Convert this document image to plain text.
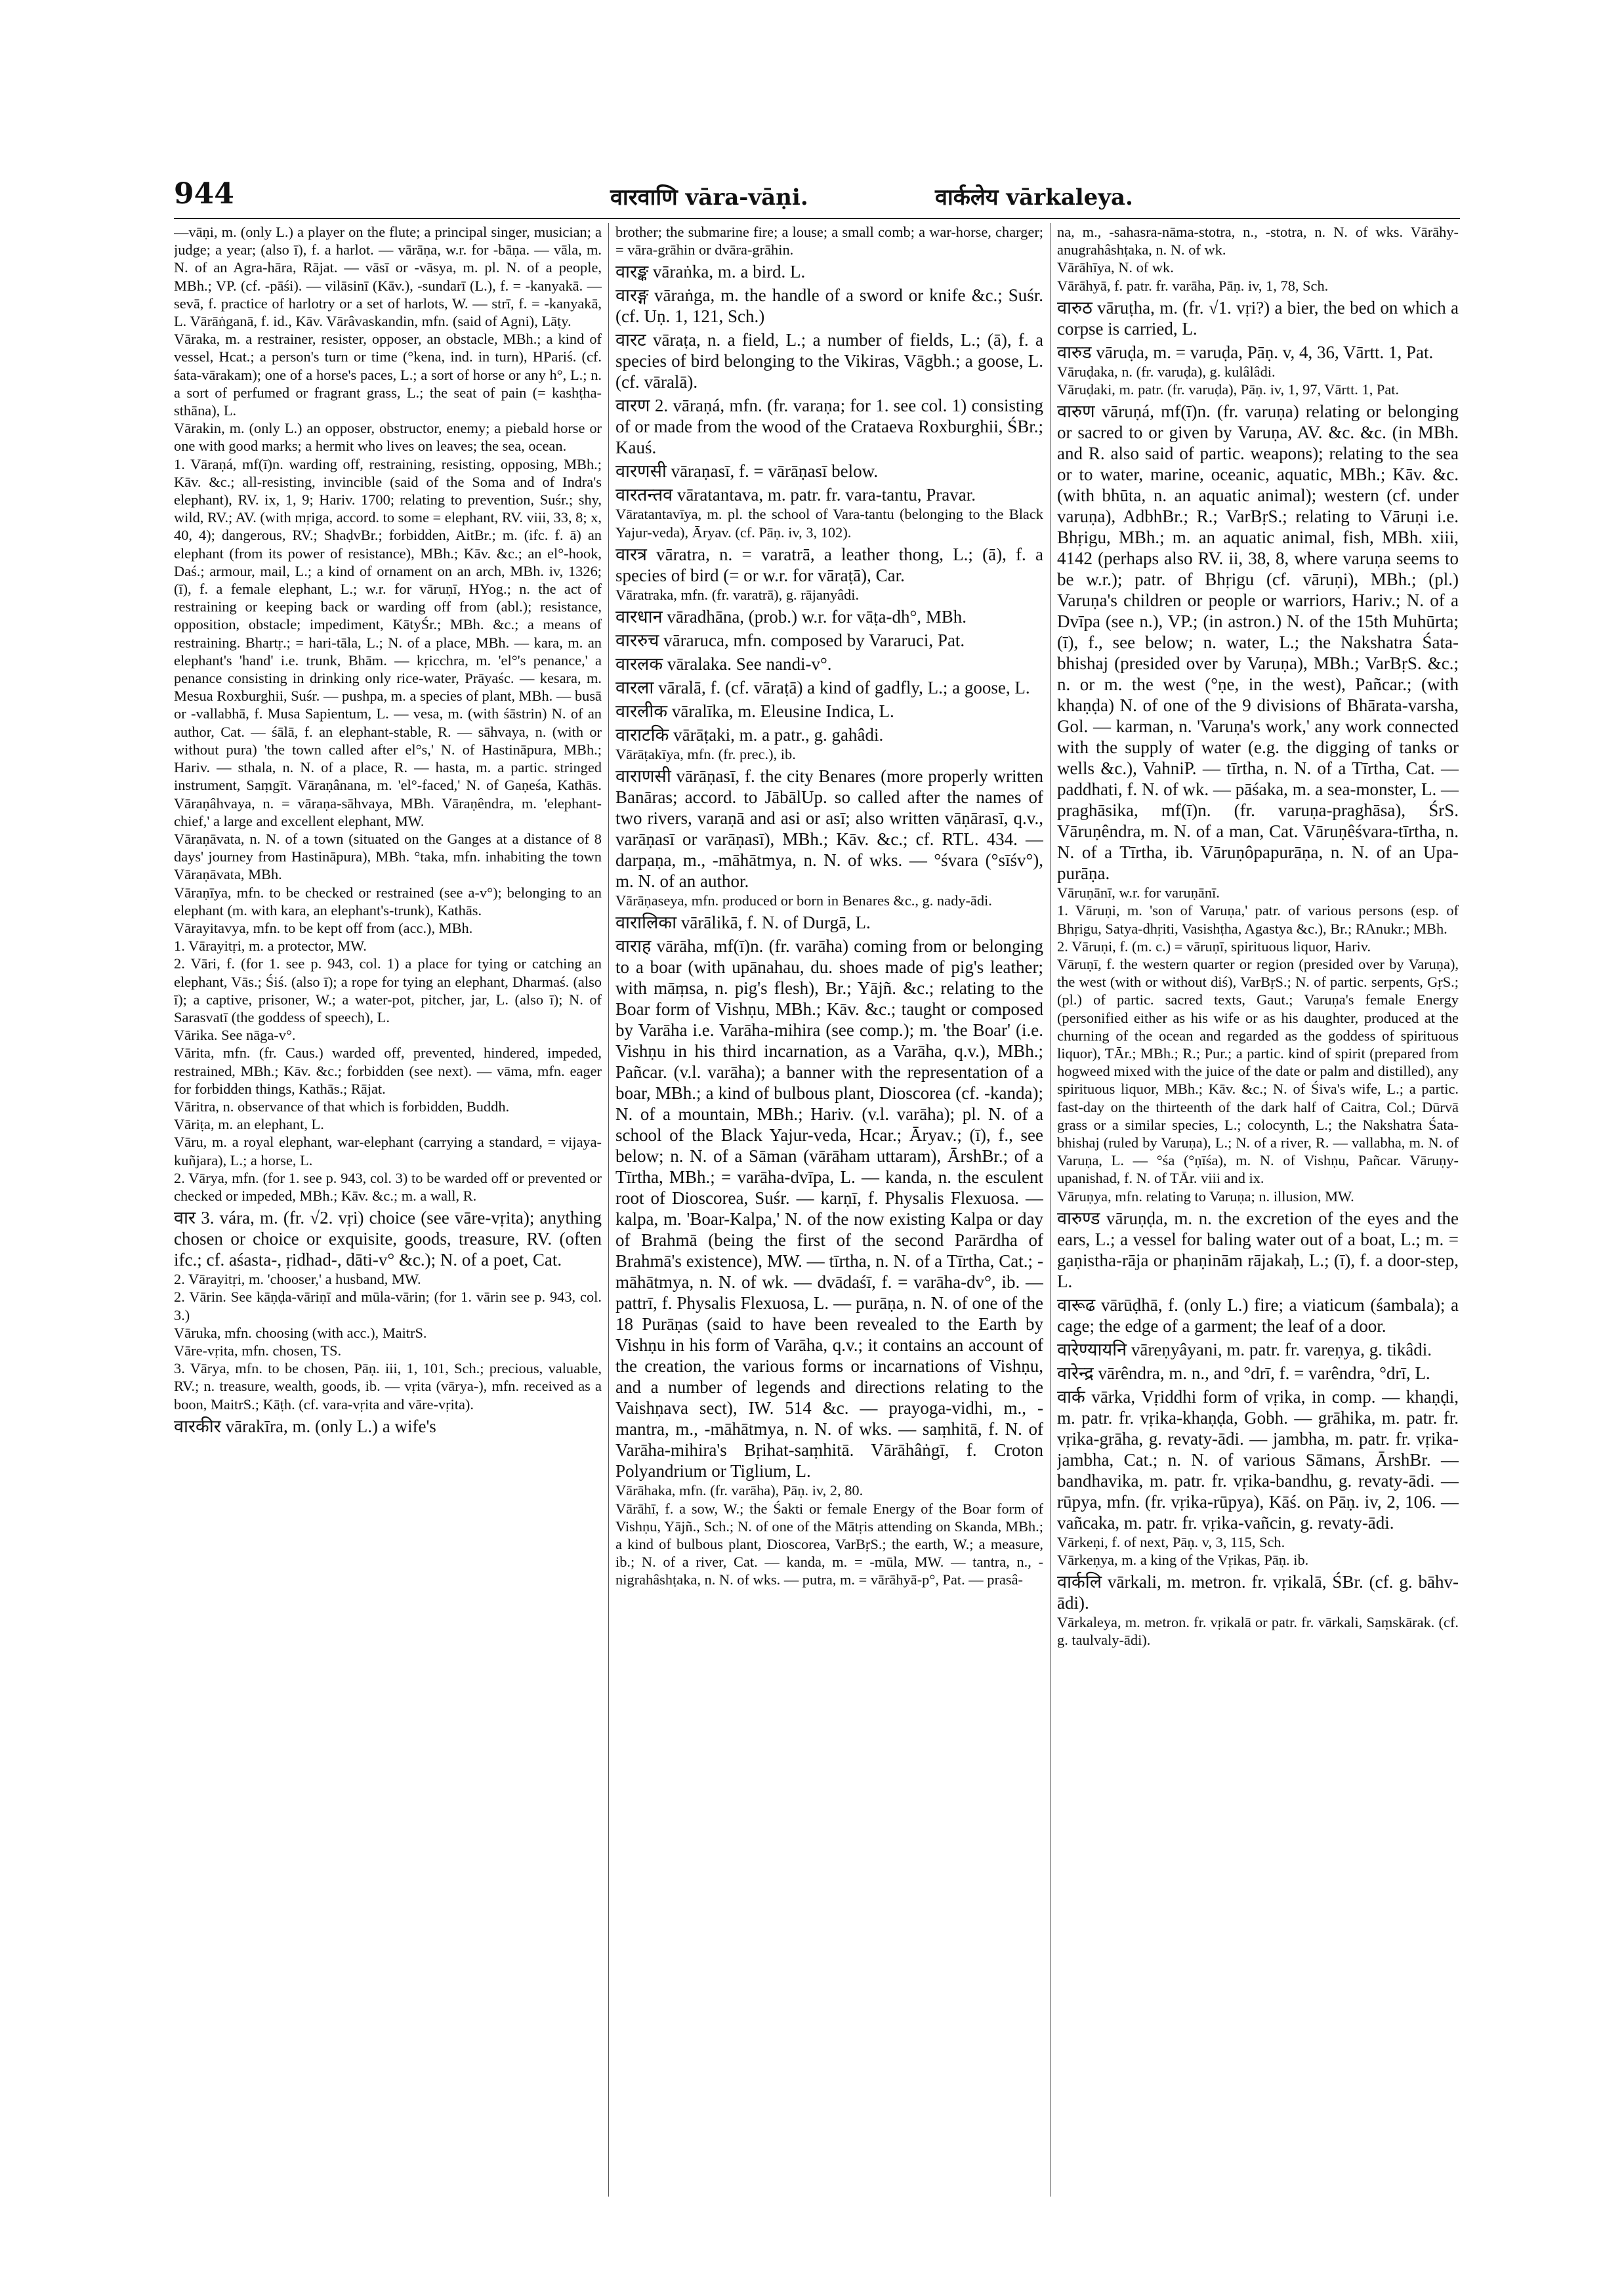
944	वारवाणि vāra-vāṇi.	वार्कलेय vārkaleya.

—vāṇi, m. (only L.) a player on the flute; a principal singer, musician; a judge; a year; (also ī), f. a harlot. — vārāṇa, w.r. for -bāṇa. — vāla, m. N. of an Agra-hāra, Rājat. — vāsī or -vāsya, m. pl. N. of a people, MBh.; VP. (cf. -pāśi). — vilāsinī (Kāv.), -sundarī (L.), f. = -kanyakā. — sevā, f. practice of harlotry or a set of harlots, W. — strī, f. = -kanyakā, L. Vārāṅganā, f. id., Kāv. Vārâvaskandin, mfn. (said of Agni), Lāṭy.

Vāraka, m. a restrainer, resister, opposer, an obstacle, MBh.; a kind of vessel, Hcat.; a person's turn or time (°kena, ind. in turn), HPariś. (cf. śata-vārakam); one of a horse's paces, L.; a sort of horse or any h°, L.; n. a sort of perfumed or fragrant grass, L.; the seat of pain (= kashṭha-sthāna), L.

Vārakin, m. (only L.) an opposer, obstructor, enemy; a piebald horse or one with good marks; a hermit who lives on leaves; the sea, ocean.

1. Vāraṇá, mf(ī)n. warding off, restraining, resisting, opposing, MBh.; Kāv. &c.; all-resisting, invincible (said of the Soma and of Indra's elephant), RV. ix, 1, 9; Hariv. 1700; relating to prevention, Suśr.; shy, wild, RV.; AV. (with mṛiga, accord. to some = elephant, RV. viii, 33, 8; x, 40, 4); dangerous, RV.; ShaḍvBr.; forbidden, AitBr.; m. (ifc. f. ā) an elephant (from its power of resistance), MBh.; Kāv. &c.; an el°-hook, Daś.; armour, mail, L.; a kind of ornament on an arch, MBh. iv, 1326; (ī), f. a female elephant, L.; w.r. for vāruṇī, HYog.; n. the act of restraining or keeping back or warding off from (abl.); resistance, opposition, obstacle; impediment, KātyŚr.; MBh. &c.; a means of restraining. Bhartṛ.; = hari-tāla, L.; N. of a place, MBh. — kara, m. an elephant's 'hand' i.e. trunk, Bhām. — kṛicchra, m. 'el°'s penance,' a penance consisting in drinking only rice-water, Prāyaśc. — kesara, m. Mesua Roxburghii, Suśr. — pushpa, m. a species of plant, MBh. — busā or -vallabhā, f. Musa Sapientum, L. — vesa, m. (with śāstrin) N. of an author, Cat. — śālā, f. an elephant-stable, R. — sāhvaya, n. (with or without pura) 'the town called after el°s,' N. of Hastināpura, MBh.; Hariv. — sthala, n. N. of a place, R. — hasta, m. a partic. stringed instrument, Saṃgīt. Vāraṇânana, m. 'el°-faced,' N. of Gaṇeśa, Kathās. Vāraṇâhvaya, n. = vāraṇa-sāhvaya, MBh. Vāraṇêndra, m. 'elephant-chief,' a large and excellent elephant, MW.

Vāraṇāvata, n. N. of a town (situated on the Ganges at a distance of 8 days' journey from Hastināpura), MBh. °taka, mfn. inhabiting the town Vāraṇāvata, MBh.

Vāraṇīya, mfn. to be checked or restrained (see a-v°); belonging to an elephant (m. with kara, an elephant's-trunk), Kathās.

Vārayitavya, mfn. to be kept off from (acc.), MBh.

1. Vārayitṛi, m. a protector, MW.

2. Vāri, f. (for 1. see p. 943, col. 1) a place for tying or catching an elephant, Vās.; Śiś. (also ī); a rope for tying an elephant, Dharmaś. (also ī); a captive, prisoner, W.; a water-pot, pitcher, jar, L. (also ī); N. of Sarasvatī (the goddess of speech), L.

Vārika. See nāga-v°.

Vārita, mfn. (fr. Caus.) warded off, prevented, hindered, impeded, restrained, MBh.; Kāv. &c.; forbidden (see next). — vāma, mfn. eager for forbidden things, Kathās.; Rājat.

Vāritra, n. observance of that which is forbidden, Buddh.

Vāriṭa, m. an elephant, L.

Vāru, m. a royal elephant, war-elephant (carrying a standard, = vijaya-kuñjara), L.; a horse, L.

2. Vārya, mfn. (for 1. see p. 943, col. 3) to be warded off or prevented or checked or impeded, MBh.; Kāv. &c.; m. a wall, R.

वार 3. vára, m. (fr. √2. vṛi) choice (see vāre-vṛita); anything chosen or choice or exquisite, goods, treasure, RV. (often ifc.; cf. aśasta-, ṛidhad-, dāti-v° &c.); N. of a poet, Cat.

2. Vārayitṛi, m. 'chooser,' a husband, MW.

2. Vārin. See kāṇḍa-vāriṇī and mūla-vārin; (for 1. vārin see p. 943, col. 3.)

Vāruka, mfn. choosing (with acc.), MaitrS.

Vāre-vṛita, mfn. chosen, TS.

3. Vārya, mfn. to be chosen, Pāṇ. iii, 1, 101, Sch.; precious, valuable, RV.; n. treasure, wealth, goods, ib. — vṛita (vārya-), mfn. received as a boon, MaitrS.; Kāṭh. (cf. vara-vṛita and vāre-vṛita).

वारकीर vārakīra, m. (only L.) a wife's

brother; the submarine fire; a louse; a small comb; a war-horse, charger; = vāra-grāhin or dvāra-grāhin.

वारङ्क vāraṅka, m. a bird. L.

वारङ्ग vāraṅga, m. the handle of a sword or knife &c.; Suśr. (cf. Uṇ. 1, 121, Sch.)

वारट vāraṭa, n. a field, L.; a number of fields, L.; (ā), f. a species of bird belonging to the Vikiras, Vāgbh.; a goose, L. (cf. vāralā).

वारण 2. vāraṇá, mfn. (fr. varaṇa; for 1. see col. 1) consisting of or made from the wood of the Crataeva Roxburghii, ŚBr.; Kauś.

वारणसी vāraṇasī, f. = vārāṇasī below.

वारतन्तव vāratantava, m. patr. fr. vara-tantu, Pravar.

Vāratantavīya, m. pl. the school of Vara-tantu (belonging to the Black Yajur-veda), Āryav. (cf. Pāṇ. iv, 3, 102).

वारत्र vāratra, n. = varatrā, a leather thong, L.; (ā), f. a species of bird (= or w.r. for vāraṭā), Car.

Vāratraka, mfn. (fr. varatrā), g. rājanyâdi.

वारधान vāradhāna, (prob.) w.r. for vāṭa-dh°, MBh.

वाररुच vāraruca, mfn. composed by Vararuci, Pat.

वारलक vāralaka. See nandi-v°.

वारला vāralā, f. (cf. vāraṭā) a kind of gadfly, L.; a goose, L.

वारलीक vāralīka, m. Eleusine Indica, L.

वाराटकि vārāṭaki, m. a patr., g. gahâdi.

Vārāṭakīya, mfn. (fr. prec.), ib.

वाराणसी vārāṇasī, f. the city Benares (more properly written Banāras; accord. to JābālUp. so called after the names of two rivers, varaṇā and asi or asī; also written vāṇārasī, q.v., varāṇasī or varāṇasī), MBh.; Kāv. &c.; cf. RTL. 434. — darpaṇa, m., -māhātmya, n. N. of wks. — °śvara (°sīśv°), m. N. of an author.

Vārāṇaseya, mfn. produced or born in Benares &c., g. nady-ādi.

वारालिका vārālikā, f. N. of Durgā, L.

वाराह vārāha, mf(ī)n. (fr. varāha) coming from or belonging to a boar (with upānahau, du. shoes made of pig's leather; with māṃsa, n. pig's flesh), Br.; Yājñ. &c.; relating to the Boar form of Vishṇu, MBh.; Kāv. &c.; taught or composed by Varāha i.e. Varāha-mihira (see comp.); m. 'the Boar' (i.e. Vishṇu in his third incarnation, as a Varāha, q.v.), MBh.; Pañcar. (v.l. varāha); a banner with the representation of a boar, MBh.; a kind of bulbous plant, Dioscorea (cf. -kanda); N. of a mountain, MBh.; Hariv. (v.l. varāha); pl. N. of a school of the Black Yajur-veda, Hcar.; Āryav.; (ī), f., see below; n. N. of a Sāman (vārāham uttaram), ĀrshBr.; of a Tīrtha, MBh.; = varāha-dvīpa, L. — kanda, n. the esculent root of Dioscorea, Suśr. — karṇī, f. Physalis Flexuosa. — kalpa, m. 'Boar-Kalpa,' N. of the now existing Kalpa or day of Brahmā (being the first of the second Parārdha of Brahmā's existence), MW. — tīrtha, n. N. of a Tīrtha, Cat.; -māhātmya, n. N. of wk. — dvādaśī, f. = varāha-dv°, ib. — pattrī, f. Physalis Flexuosa, L. — purāṇa, n. N. of one of the 18 Purāṇas (said to have been revealed to the Earth by Vishṇu in his form of Varāha, q.v.; it contains an account of the creation, the various forms or incarnations of Vishṇu, and a number of legends and directions relating to the Vaishṇava sect), IW. 514 &c. — prayoga-vidhi, m., -mantra, m., -māhātmya, n. N. of wks. — saṃhitā, f. N. of Varāha-mihira's Bṛihat-saṃhitā. Vārāhâṅgī, f. Croton Polyandrium or Tiglium, L.

Vārāhaka, mfn. (fr. varāha), Pāṇ. iv, 2, 80.

Vārāhī, f. a sow, W.; the Śakti or female Energy of the Boar form of Vishṇu, Yājñ., Sch.; N. of one of the Mātṛis attending on Skanda, MBh.; a kind of bulbous plant, Dioscorea, VarBṛS.; the earth, W.; a measure, ib.; N. of a river, Cat. — kanda, m. = -mūla, MW. — tantra, n., -nigrahâshṭaka, n. N. of wks. — putra, m. = vārāhyā-p°, Pat. — prasâ-

na, m., -sahasra-nāma-stotra, n., -stotra, n. N. of wks. Vārāhy-anugrahâshṭaka, n. N. of wk.

Vārāhīya, N. of wk.

Vārāhyā, f. patr. fr. varāha, Pāṇ. iv, 1, 78, Sch.

वारुठ vāruṭha, m. (fr. √1. vṛi?) a bier, the bed on which a corpse is carried, L.

वारुड vāruḍa, m. = varuḍa, Pāṇ. v, 4, 36, Vārtt. 1, Pat.

Vāruḍaka, n. (fr. varuḍa), g. kulâlâdi.

Vāruḍaki, m. patr. (fr. varuḍa), Pāṇ. iv, 1, 97, Vārtt. 1, Pat.

वारुण vāruṇá, mf(ī)n. (fr. varuṇa) relating or belonging or sacred to or given by Varuṇa, AV. &c. &c. (in MBh. and R. also said of partic. weapons); relating to the sea or to water, marine, oceanic, aquatic, MBh.; Kāv. &c. (with bhūta, n. an aquatic animal); western (cf. under varuṇa), AdbhBr.; R.; VarBṛS.; relating to Vāruṇi i.e. Bhṛigu, MBh.; m. an aquatic animal, fish, MBh. xiii, 4142 (perhaps also RV. ii, 38, 8, where varuṇa seems to be w.r.); patr. of Bhṛigu (cf. vāruṇi), MBh.; (pl.) Varuṇa's children or people or warriors, Hariv.; N. of a Dvīpa (see n.), VP.; (in astron.) N. of the 15th Muhūrta; (ī), f., see below; n. water, L.; the Nakshatra Śata-bhishaj (presided over by Varuṇa), MBh.; VarBṛS. &c.; n. or m. the west (°ṇe, in the west), Pañcar.; (with khaṇḍa) N. of one of the 9 divisions of Bhārata-varsha, Gol. — karman, n. 'Varuṇa's work,' any work connected with the supply of water (e.g. the digging of tanks or wells &c.), VahniP. — tīrtha, n. N. of a Tīrtha, Cat. — paddhati, f. N. of wk. — pāśaka, m. a sea-monster, L. — praghāsika, mf(ī)n. (fr. varuṇa-praghāsa), ŚrS. Vāruṇêndra, m. N. of a man, Cat. Vāruṇêśvara-tīrtha, n. N. of a Tīrtha, ib. Vāruṇôpapurāṇa, n. N. of an Upa-purāṇa.

Vāruṇānī, w.r. for varuṇānī.

1. Vāruṇi, m. 'son of Varuṇa,' patr. of various persons (esp. of Bhṛigu, Satya-dhṛiti, Vasishṭha, Agastya &c.), Br.; RAnukr.; MBh.

2. Vāruṇi, f. (m. c.) = vāruṇī, spirituous liquor, Hariv.

Vāruṇī, f. the western quarter or region (presided over by Varuṇa), the west (with or without diś), VarBṛS.; N. of partic. serpents, GṛS.; (pl.) of partic. sacred texts, Gaut.; Varuṇa's female Energy (personified either as his wife or as his daughter, produced at the churning of the ocean and regarded as the goddess of spirituous liquor), TĀr.; MBh.; R.; Pur.; a partic. kind of spirit (prepared from hogweed mixed with the juice of the date or palm and distilled), any spirituous liquor, MBh.; Kāv. &c.; N. of Śiva's wife, L.; a partic. fast-day on the thirteenth of the dark half of Caitra, Col.; Dūrvā grass or a similar species, L.; colocynth, L.; the Nakshatra Śata-bhishaj (ruled by Varuṇa), L.; N. of a river, R. — vallabha, m. N. of Varuṇa, L. — °śa (°ṇīśa), m. N. of Vishṇu, Pañcar. Vāruṇy-upanishad, f. N. of TĀr. viii and ix.

Vāruṇya, mfn. relating to Varuṇa; n. illusion, MW.

वारुण्ड vāruṇḍa, m. n. the excretion of the eyes and the ears, L.; a vessel for baling water out of a boat, L.; m. = gaṇistha-rāja or phaṇinām rājakaḥ, L.; (ī), f. a door-step, L.

वारूढ vārūḍhā, f. (only L.) fire; a viaticum (śambala); a cage; the edge of a garment; the leaf of a door.

वारेण्यायनि vāreṇyâyani, m. patr. fr. vareṇya, g. tikâdi.

वारेन्द्र vārêndra, m. n., and °drī, f. = varêndra, °drī, L.

वार्क vārka, Vṛiddhi form of vṛika, in comp. — khaṇḍi, m. patr. fr. vṛika-khaṇḍa, Gobh. — grāhika, m. patr. fr. vṛika-grāha, g. revaty-ādi. — jambha, m. patr. fr. vṛika-jambha, Cat.; n. N. of various Sāmans, ĀrshBr. — bandhavika, m. patr. fr. vṛika-bandhu, g. revaty-ādi. — rūpya, mfn. (fr. vṛika-rūpya), Kāś. on Pāṇ. iv, 2, 106. — vañcaka, m. patr. fr. vṛika-vañcin, g. revaty-ādi.

Vārkeṇi, f. of next, Pāṇ. v, 3, 115, Sch.

Vārkeṇya, m. a king of the Vṛikas, Pāṇ. ib.

वार्कलि vārkali, m. metron. fr. vṛikalā, ŚBr. (cf. g. bāhv-ādi).

Vārkaleya, m. metron. fr. vṛikalā or patr. fr. vārkali, Saṃskārak. (cf. g. taulvaly-ādi).
